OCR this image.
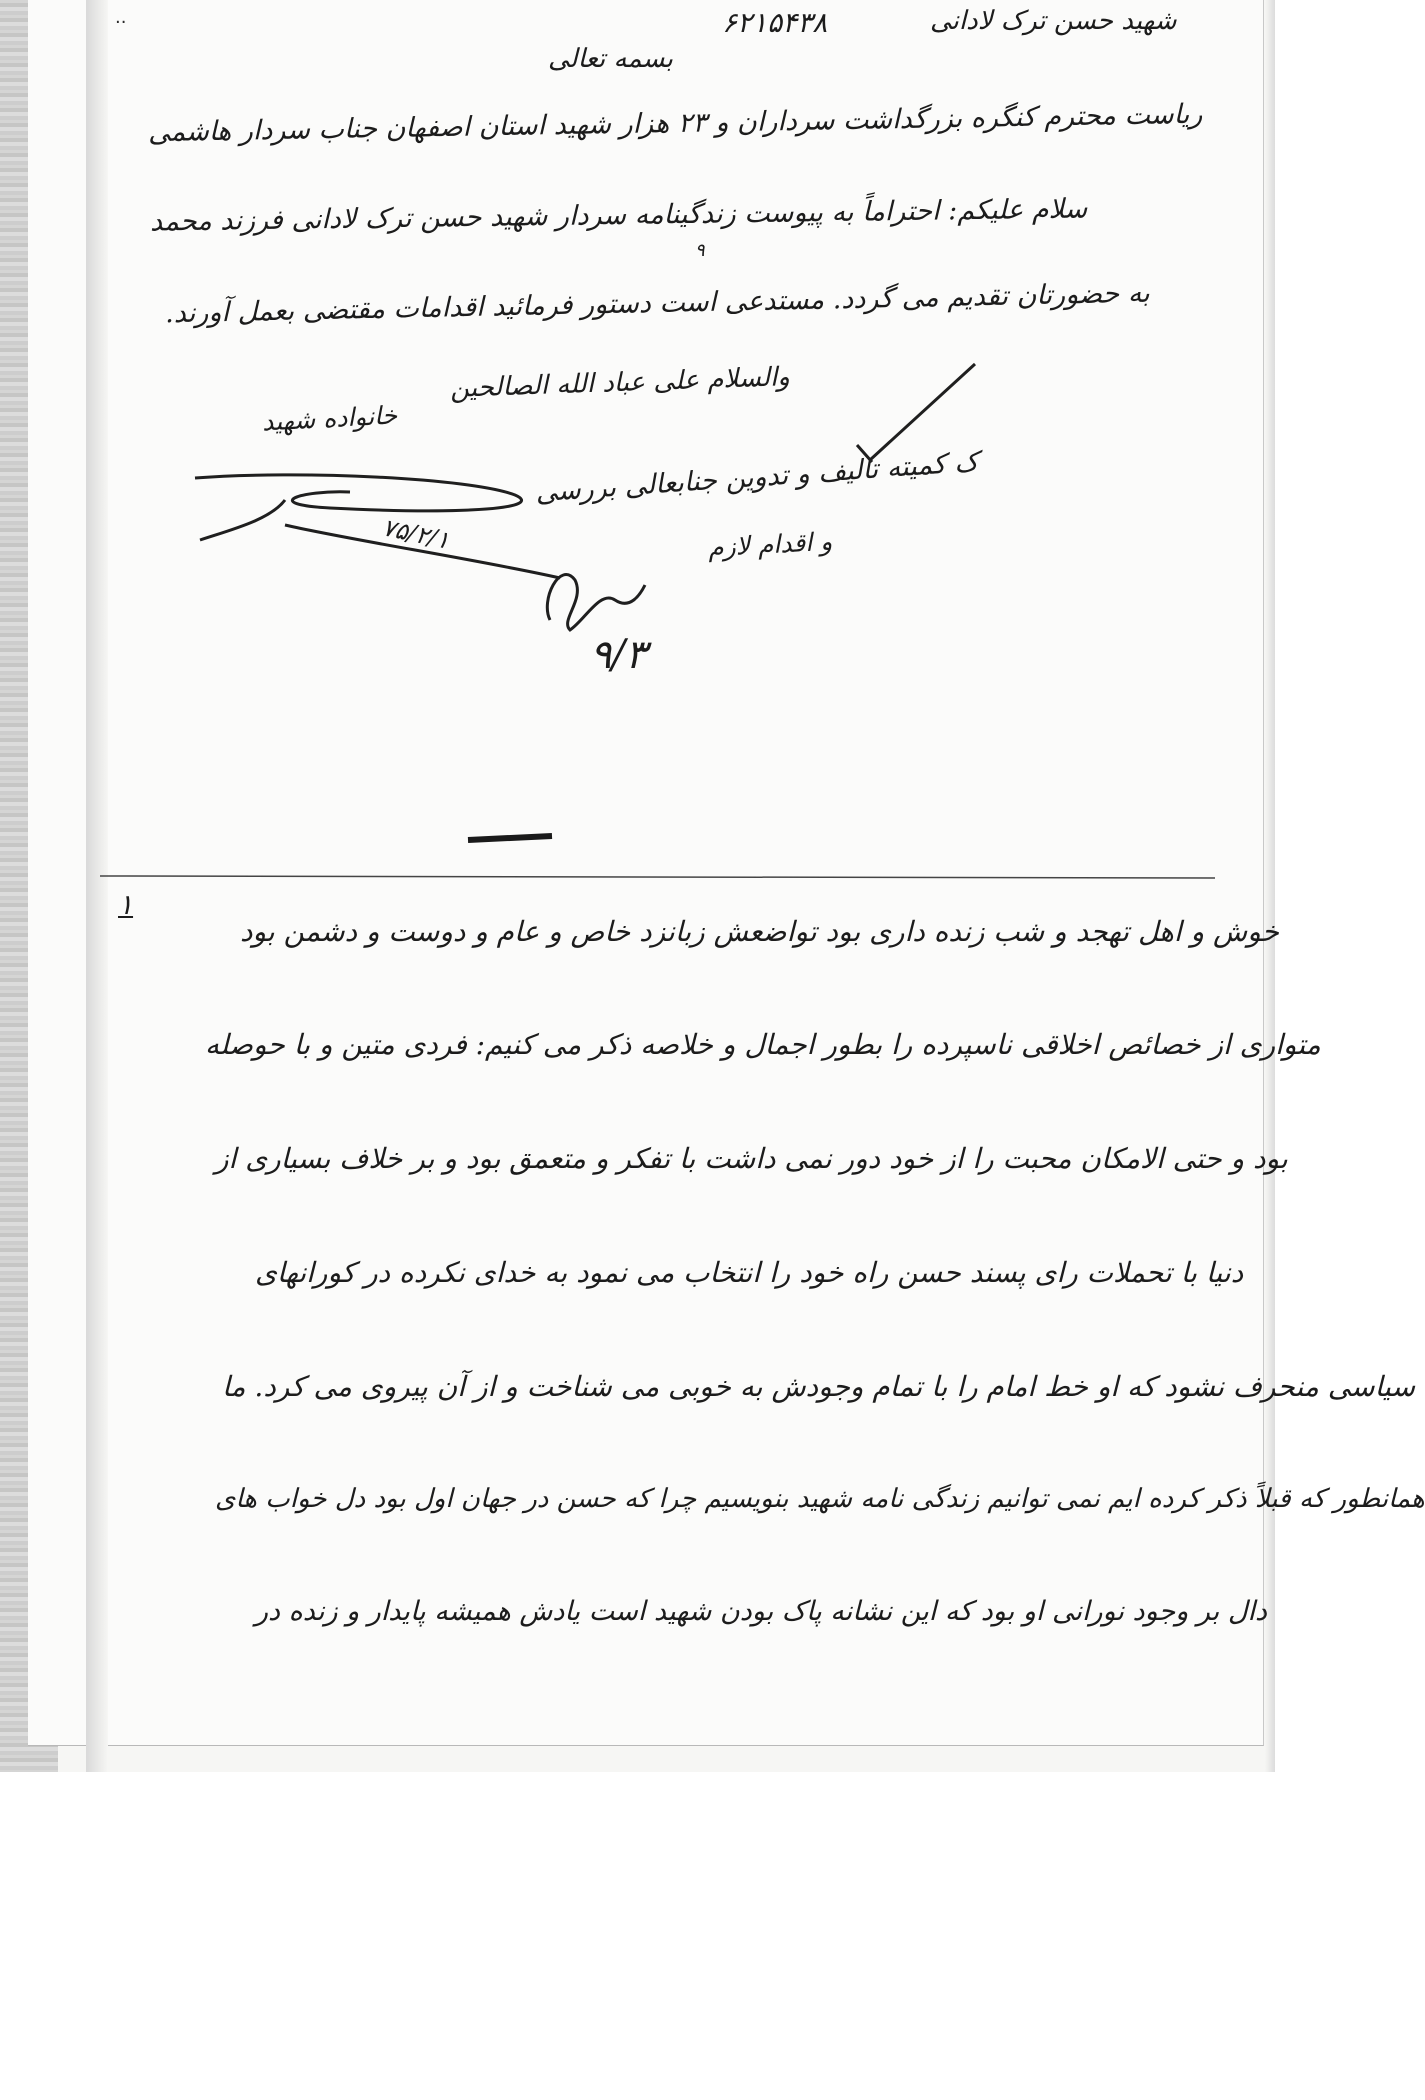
شهید حسن ترک لادانی
۶۲۱۵۴۳۸
··
بسمه تعالی
ریاست محترم کنگره بزرگداشت سرداران و ۲۳ هزار شهید استان اصفهان جناب سردار هاشمی
سلام علیکم: احتراماً به پیوست زندگینامه سردار شهید حسن ترک لادانی فرزند محمد
۹
به حضورتان تقدیم می گردد. مستدعی است دستور فرمائید اقدامات مقتضی بعمل آورند.
والسلام علی عباد الله الصالحین
خانواده شهید
ک کمیته تالیف و تدوین جنابعالی بررسی
و اقدام لازم
۷۵/۲/۱
۹/۳
۱
خوش و اهل تهجد و شب زنده داری بود تواضعش زبانزد خاص و عام و دوست و دشمن بود
متواری از خصائص اخلاقی ناسپرده را بطور اجمال و خلاصه ذکر می کنیم: فردی متین و با حوصله
بود و حتی الامکان محبت را از خود دور نمی داشت با تفکر و متعمق بود و بر خلاف بسیاری از
دنیا با تحملات رای پسند حسن راه خود را انتخاب می نمود به خدای نکرده در کورانهای
سیاسی منحرف نشود که او خط امام را با تمام وجودش به خوبی می شناخت و از آن پیروی می کرد. ما
همانطور که قبلاً ذکر کرده ایم نمی توانیم زندگی نامه شهید بنویسیم چرا که حسن در جهان اول بود دل خواب های
دال بر وجود نورانی او بود که این نشانه پاک بودن شهید است یادش همیشه پایدار و زنده در
